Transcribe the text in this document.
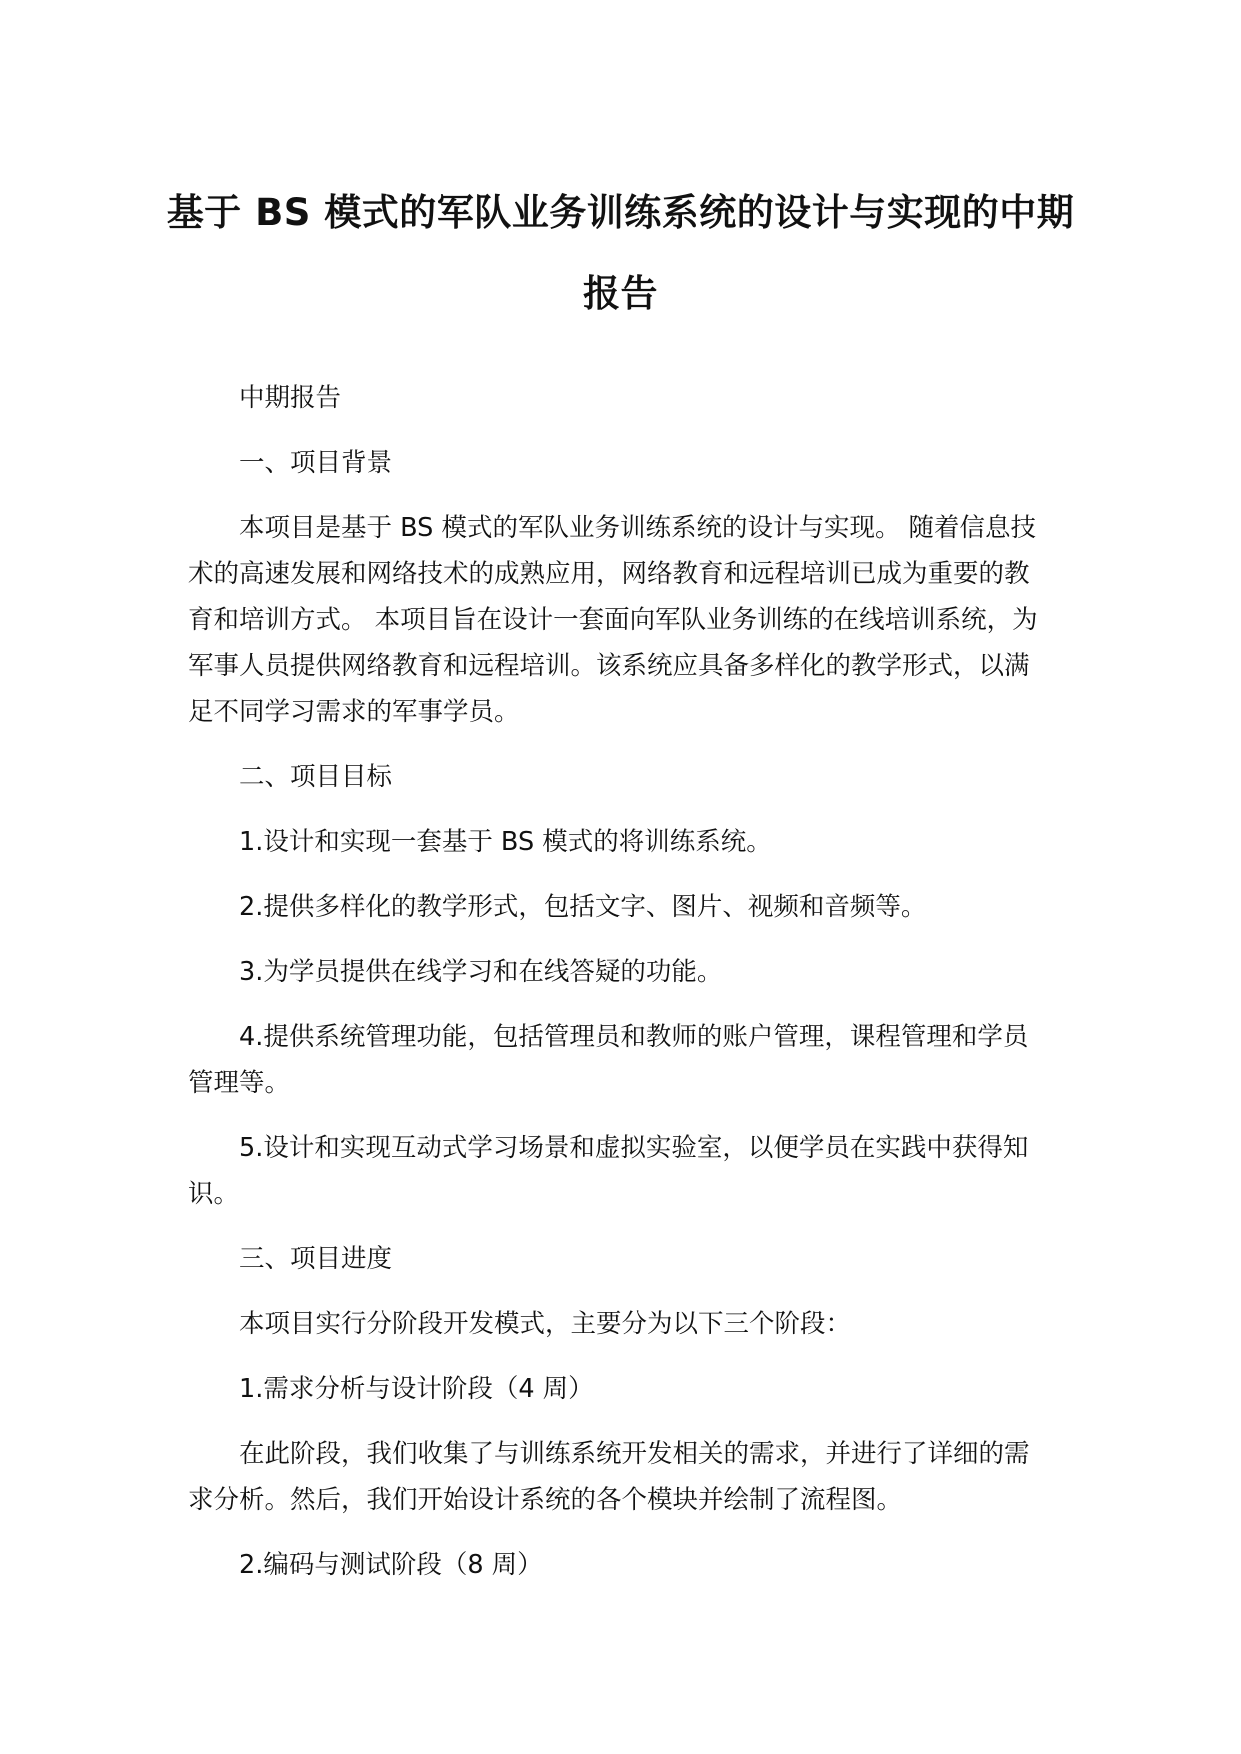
基于 BS 模式的军队业务训练系统的设计与实现的中期报告

中期报告

一、项目背景

本项目是基于 BS 模式的军队业务训练系统的设计与实现。 随着信息技术的高速发展和网络技术的成熟应用，网络教育和远程培训已成为重要的教育和培训方式。 本项目旨在设计一套面向军队业务训练的在线培训系统，为军事人员提供网络教育和远程培训。该系统应具备多样化的教学形式，以满足不同学习需求的军事学员。

二、项目目标

1.设计和实现一套基于 BS 模式的将训练系统。

2.提供多样化的教学形式，包括文字、图片、视频和音频等。

3.为学员提供在线学习和在线答疑的功能。

4.提供系统管理功能，包括管理员和教师的账户管理，课程管理和学员管理等。

5.设计和实现互动式学习场景和虚拟实验室，以便学员在实践中获得知识。

三、项目进度

本项目实行分阶段开发模式，主要分为以下三个阶段：

1.需求分析与设计阶段（4 周）

在此阶段，我们收集了与训练系统开发相关的需求，并进行了详细的需求分析。然后，我们开始设计系统的各个模块并绘制了流程图。

2.编码与测试阶段（8 周）
